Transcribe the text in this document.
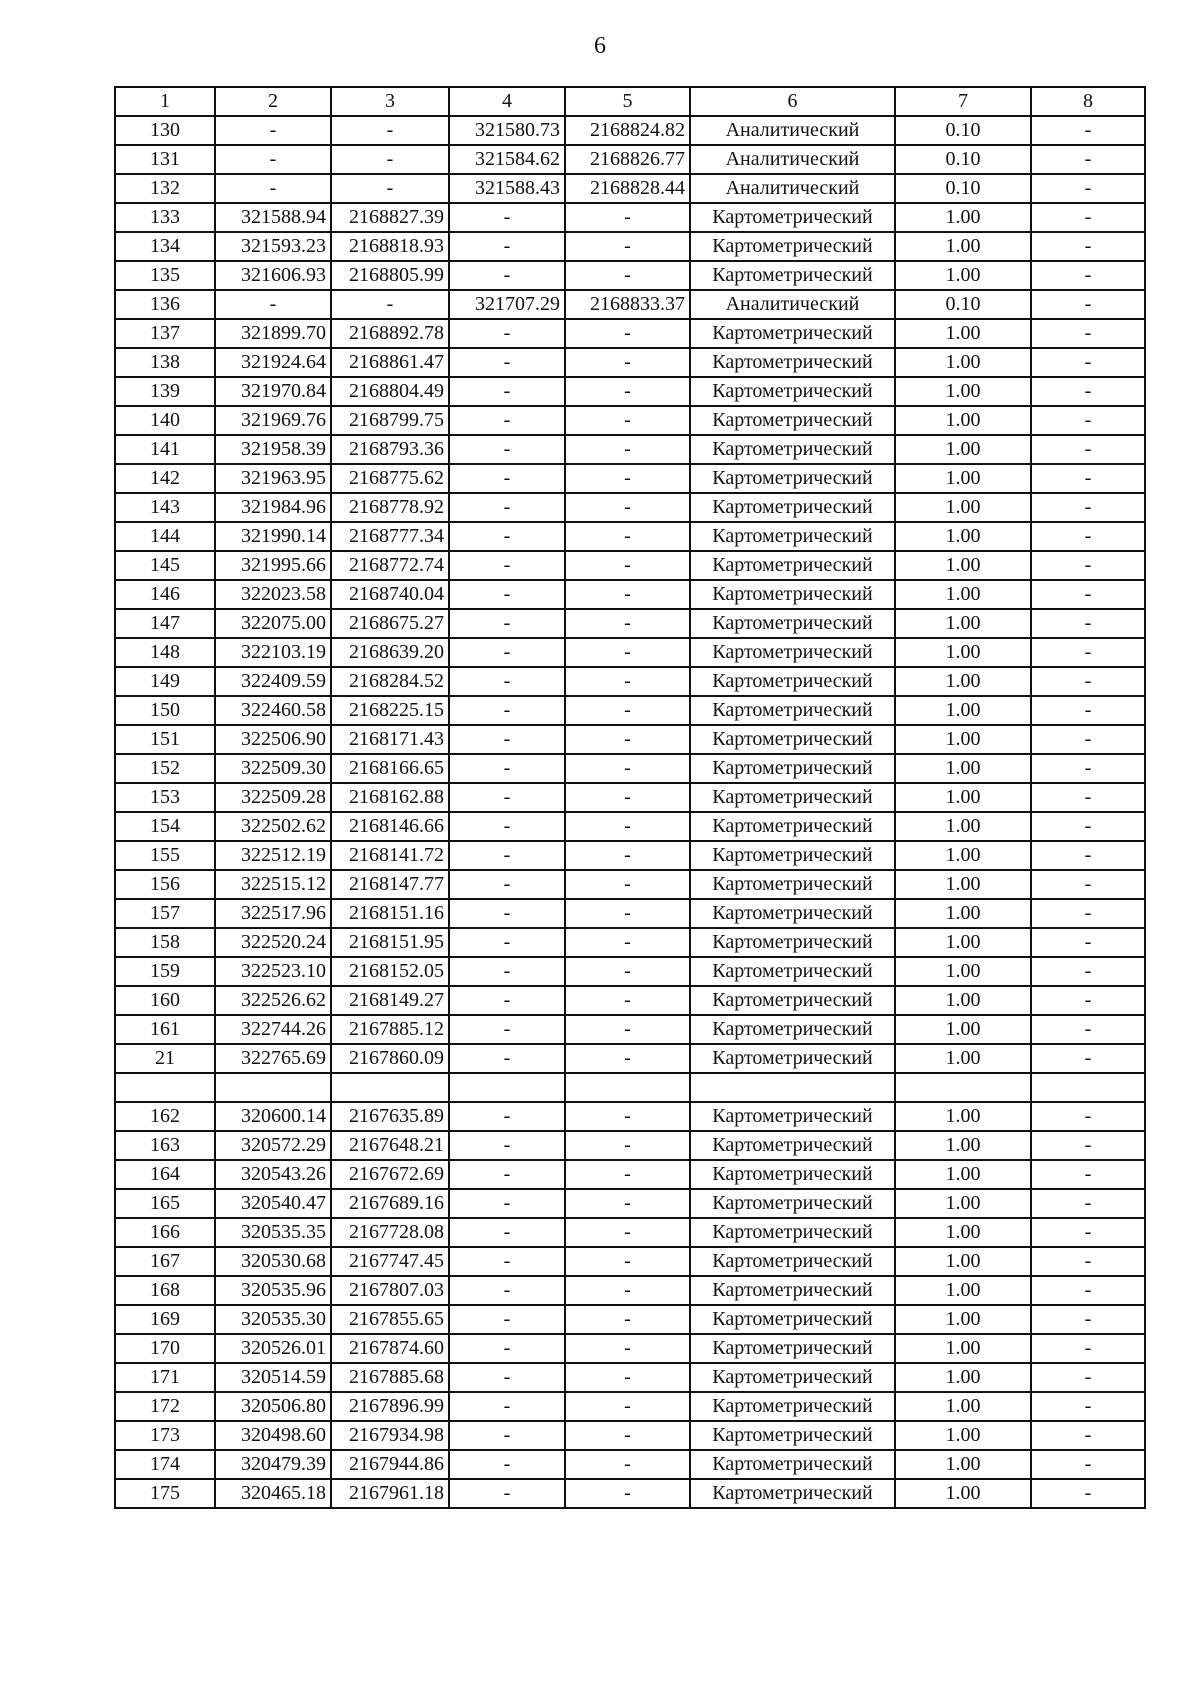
6
1	2	3	4	5	6	7	8
130	-	-	321580.73	2168824.82	Аналитический	0.10	-
131	-	-	321584.62	2168826.77	Аналитический	0.10	-
132	-	-	321588.43	2168828.44	Аналитический	0.10	-
133	321588.94	2168827.39	-	-	Картометрический	1.00	-
134	321593.23	2168818.93	-	-	Картометрический	1.00	-
135	321606.93	2168805.99	-	-	Картометрический	1.00	-
136	-	-	321707.29	2168833.37	Аналитический	0.10	-
137	321899.70	2168892.78	-	-	Картометрический	1.00	-
138	321924.64	2168861.47	-	-	Картометрический	1.00	-
139	321970.84	2168804.49	-	-	Картометрический	1.00	-
140	321969.76	2168799.75	-	-	Картометрический	1.00	-
141	321958.39	2168793.36	-	-	Картометрический	1.00	-
142	321963.95	2168775.62	-	-	Картометрический	1.00	-
143	321984.96	2168778.92	-	-	Картометрический	1.00	-
144	321990.14	2168777.34	-	-	Картометрический	1.00	-
145	321995.66	2168772.74	-	-	Картометрический	1.00	-
146	322023.58	2168740.04	-	-	Картометрический	1.00	-
147	322075.00	2168675.27	-	-	Картометрический	1.00	-
148	322103.19	2168639.20	-	-	Картометрический	1.00	-
149	322409.59	2168284.52	-	-	Картометрический	1.00	-
150	322460.58	2168225.15	-	-	Картометрический	1.00	-
151	322506.90	2168171.43	-	-	Картометрический	1.00	-
152	322509.30	2168166.65	-	-	Картометрический	1.00	-
153	322509.28	2168162.88	-	-	Картометрический	1.00	-
154	322502.62	2168146.66	-	-	Картометрический	1.00	-
155	322512.19	2168141.72	-	-	Картометрический	1.00	-
156	322515.12	2168147.77	-	-	Картометрический	1.00	-
157	322517.96	2168151.16	-	-	Картометрический	1.00	-
158	322520.24	2168151.95	-	-	Картометрический	1.00	-
159	322523.10	2168152.05	-	-	Картометрический	1.00	-
160	322526.62	2168149.27	-	-	Картометрический	1.00	-
161	322744.26	2167885.12	-	-	Картометрический	1.00	-
21	322765.69	2167860.09	-	-	Картометрический	1.00	-

162	320600.14	2167635.89	-	-	Картометрический	1.00	-
163	320572.29	2167648.21	-	-	Картометрический	1.00	-
164	320543.26	2167672.69	-	-	Картометрический	1.00	-
165	320540.47	2167689.16	-	-	Картометрический	1.00	-
166	320535.35	2167728.08	-	-	Картометрический	1.00	-
167	320530.68	2167747.45	-	-	Картометрический	1.00	-
168	320535.96	2167807.03	-	-	Картометрический	1.00	-
169	320535.30	2167855.65	-	-	Картометрический	1.00	-
170	320526.01	2167874.60	-	-	Картометрический	1.00	-
171	320514.59	2167885.68	-	-	Картометрический	1.00	-
172	320506.80	2167896.99	-	-	Картометрический	1.00	-
173	320498.60	2167934.98	-	-	Картометрический	1.00	-
174	320479.39	2167944.86	-	-	Картометрический	1.00	-
175	320465.18	2167961.18	-	-	Картометрический	1.00	-
